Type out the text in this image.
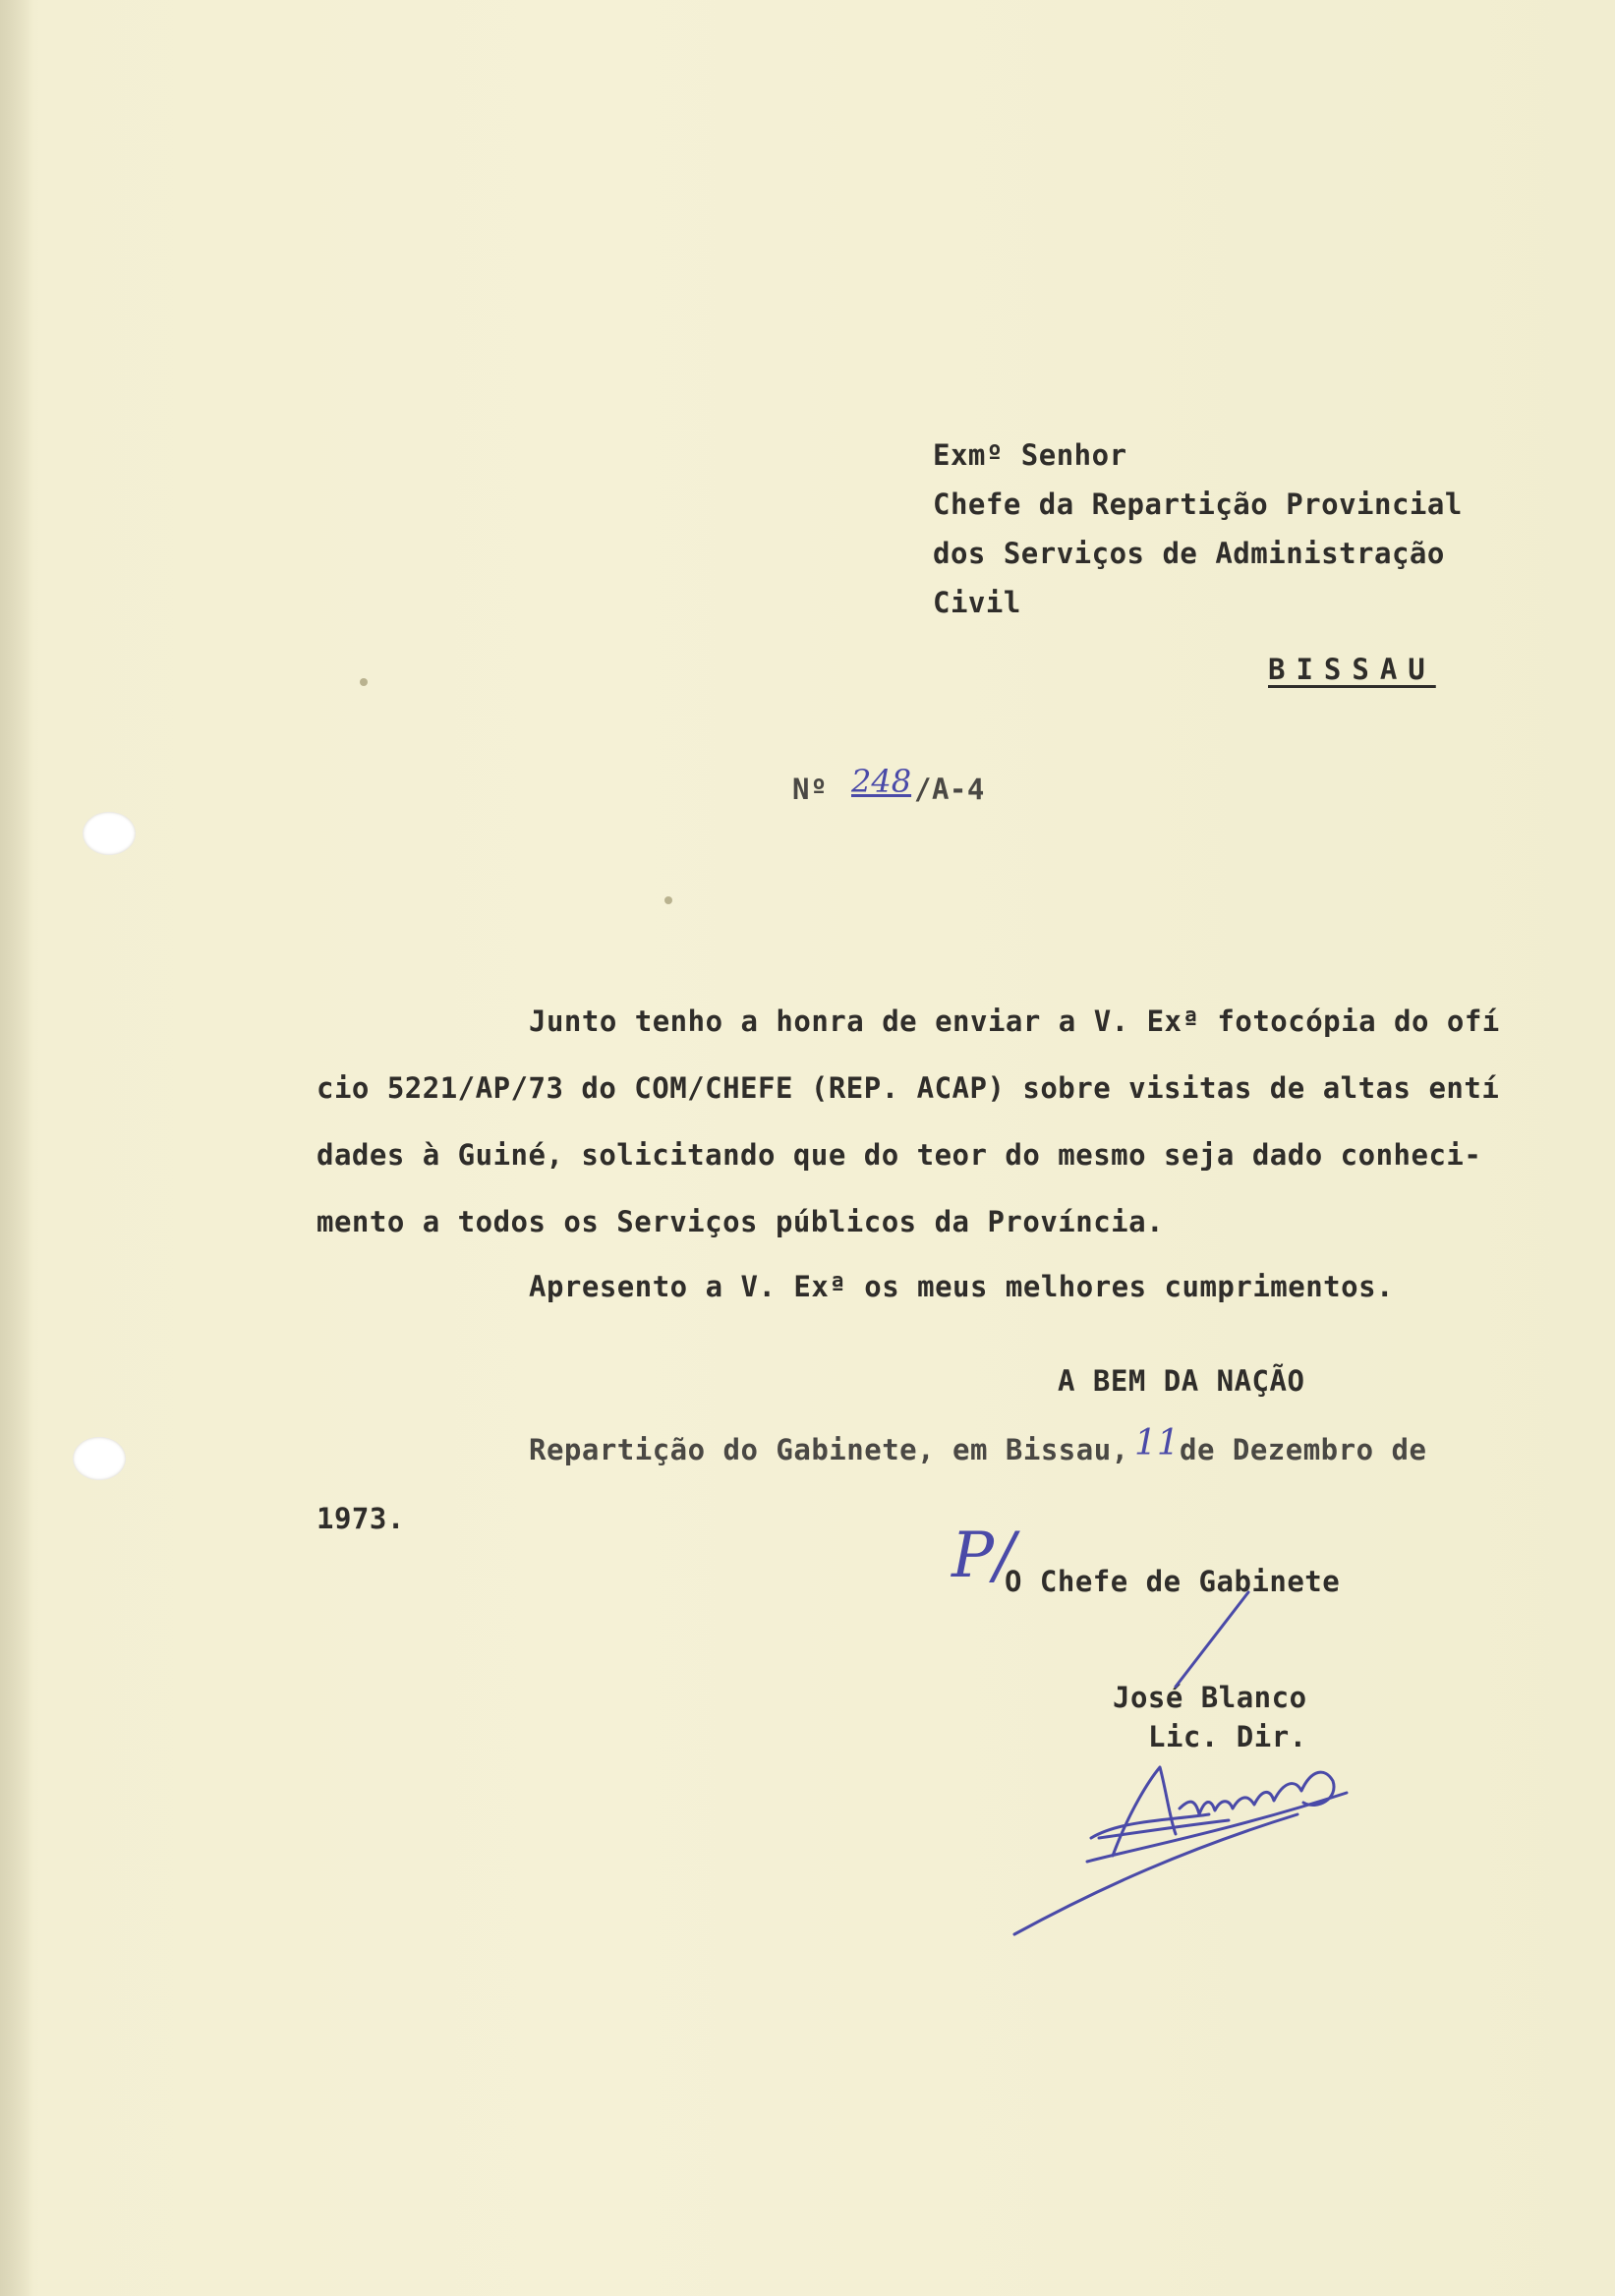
Exmº Senhor
Chefe da Repartição Provincial
dos Serviços de Administração
Civil
BISSAU
Nº 248 /A-4
Junto tenho a honra de enviar a V. Exª fotocópia do ofí
cio 5221/AP/73 do COM/CHEFE (REP. ACAP) sobre visitas de altas entí
dades à Guiné, solicitando que do teor do mesmo seja dado conheci-
mento a todos os Serviços públicos da Província.
Apresento a V. Exª os meus melhores cumprimentos.
A BEM DA NAÇÃO
Repartição do Gabinete, em Bissau, 11 de Dezembro de
1973.
P/
O Chefe de Gabinete
José Blanco
Lic. Dir.
